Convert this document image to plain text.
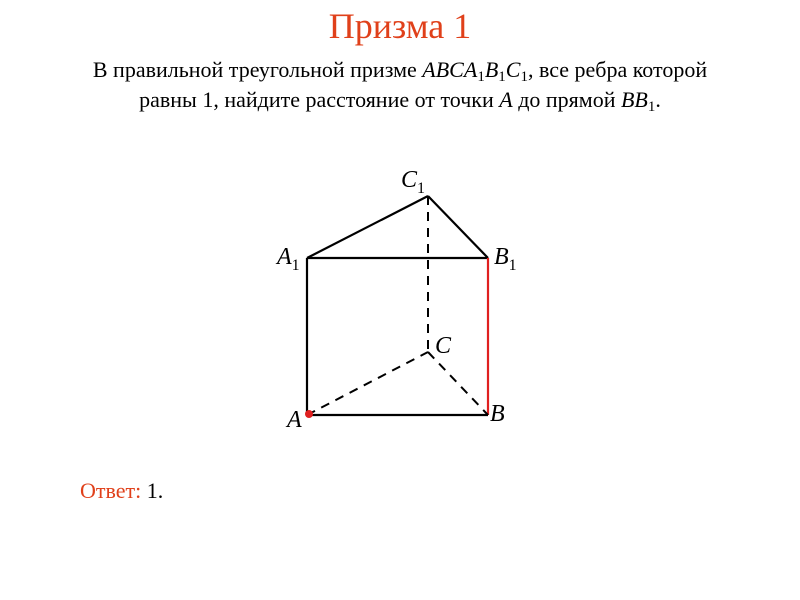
Призма 1
В правильной треугольной призме $ABCA_1B_1C_1$, все ребра которой
равны 1, найдите расстояние от точки A до прямой $BB_1$.
$C_1$
$A_1$	$B_1$
C
A	B
Ответ: 1.
